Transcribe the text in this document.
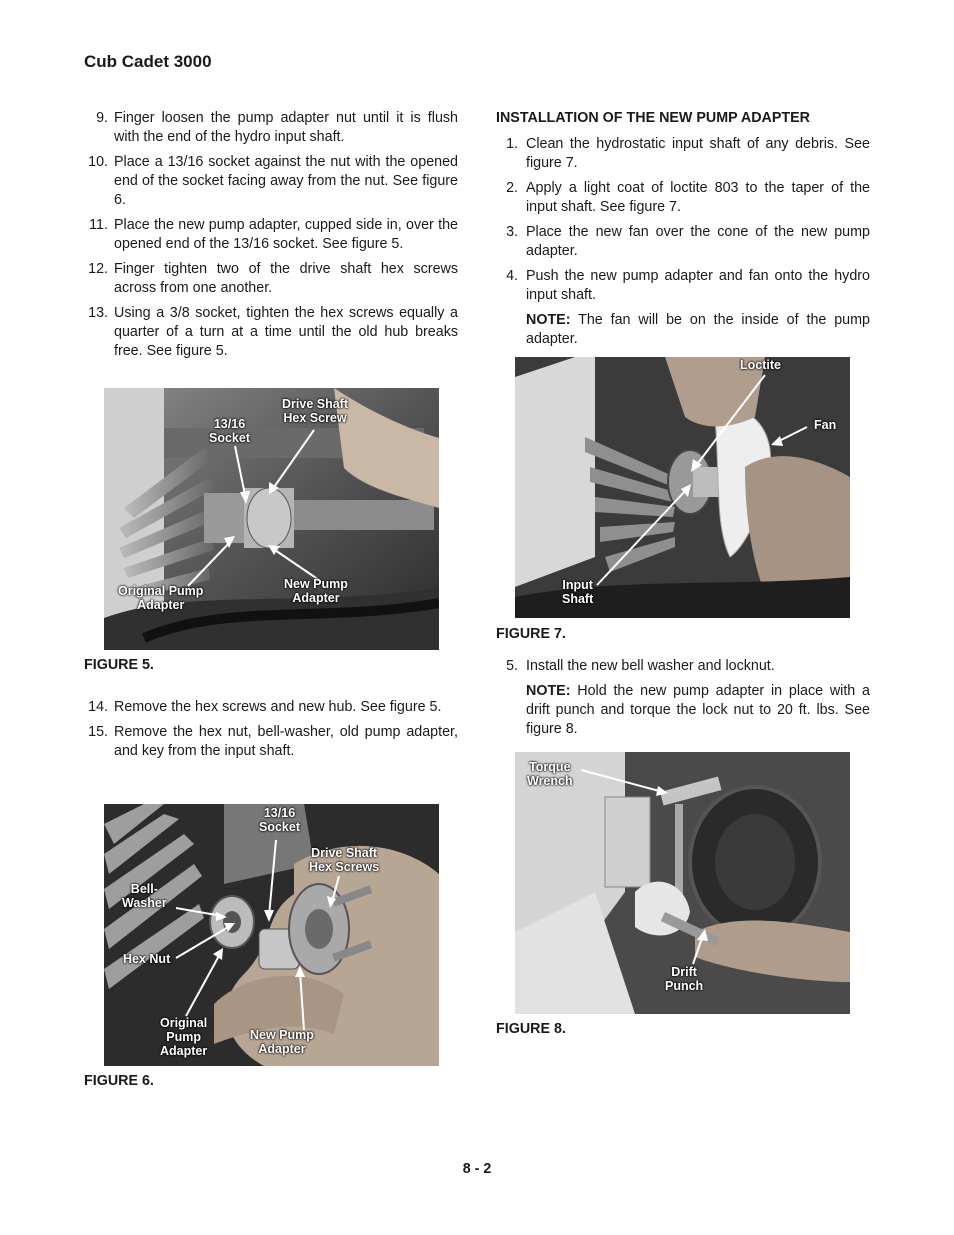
Cub Cadet 3000
9. Finger loosen the pump adapter nut until it is flush with the end of the hydro input shaft.
10. Place a 13/16 socket against the nut with the opened end of the socket facing away from the nut. See figure 6.
11. Place the new pump adapter, cupped side in, over the opened end of the 13/16 socket. See figure 5.
12. Finger tighten two of the drive shaft hex screws across from one another.
13. Using a 3/8 socket, tighten the hex screws equally a quarter of a turn at a time until the old hub breaks free. See figure 5.
13/16
Socket
Drive Shaft
Hex Screw
Original Pump
Adapter
New Pump
Adapter
FIGURE 5.
14. Remove the hex screws and new hub. See figure 5.
15. Remove the hex nut, bell-washer, old pump adapter, and key from the input shaft.
13/16
Socket
Drive Shaft
Hex Screws
Bell-
Washer
Hex Nut
Original
Pump
Adapter
New Pump
Adapter
FIGURE 6.
INSTALLATION OF THE NEW PUMP ADAPTER
1. Clean the hydrostatic input shaft of any debris. See figure 7.
2. Apply a light coat of loctite 803 to the taper of the input shaft. See figure 7.
3. Place the new fan over the cone of the new pump adapter.
4. Push the new pump adapter and fan onto the hydro input shaft.
NOTE: The fan will be on the inside of the pump adapter.
Loctite
Fan
Input
Shaft
FIGURE 7.
5. Install the new bell washer and locknut.
NOTE: Hold the new pump adapter in place with a drift punch and torque the lock nut to 20 ft. lbs. See figure 8.
Torque
Wrench
Drift
Punch
FIGURE 8.
8 - 2
